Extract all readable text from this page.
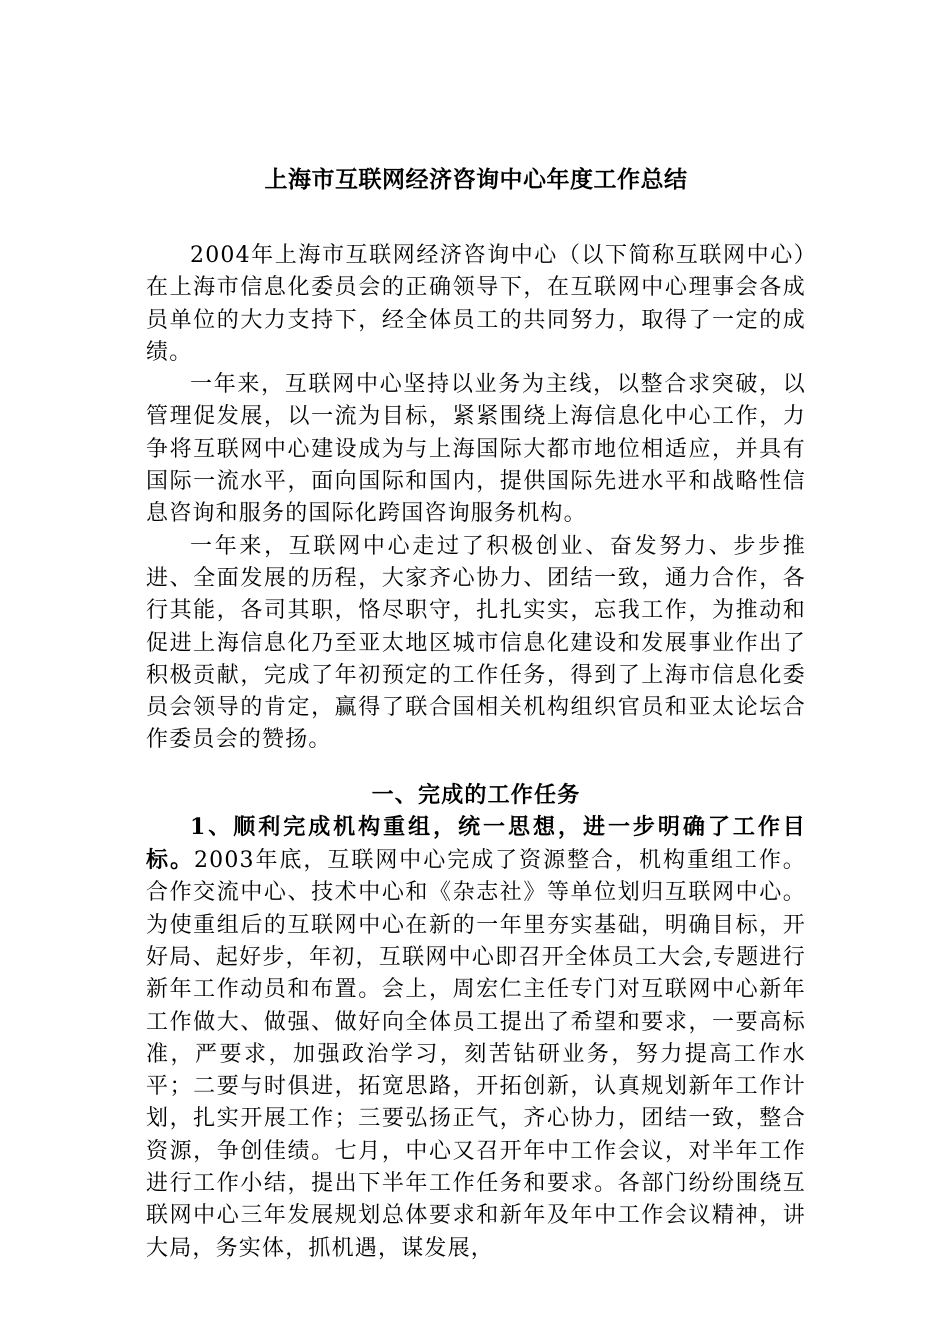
上海市互联网经济咨询中心年度工作总结

2004年上海市互联网经济咨询中心（以下简称互联网中心）在上海市信息化委员会的正确领导下，在互联网中心理事会各成员单位的大力支持下，经全体员工的共同努力，取得了一定的成绩。

一年来，互联网中心坚持以业务为主线，以整合求突破，以管理促发展，以一流为目标，紧紧围绕上海信息化中心工作，力争将互联网中心建设成为与上海国际大都市地位相适应，并具有国际一流水平，面向国际和国内，提供国际先进水平和战略性信息咨询和服务的国际化跨国咨询服务机构。

一年来，互联网中心走过了积极创业、奋发努力、步步推进、全面发展的历程，大家齐心协力、团结一致，通力合作，各行其能，各司其职，恪尽职守，扎扎实实，忘我工作，为推动和促进上海信息化乃至亚太地区城市信息化建设和发展事业作出了积极贡献，完成了年初预定的工作任务，得到了上海市信息化委员会领导的肯定，赢得了联合国相关机构组织官员和亚太论坛合作委员会的赞扬。

一、完成的工作任务

1、顺利完成机构重组，统一思想，进一步明确了工作目标。2003年底，互联网中心完成了资源整合，机构重组工作。合作交流中心、技术中心和《杂志社》等单位划归互联网中心。为使重组后的互联网中心在新的一年里夯实基础，明确目标，开好局、起好步，年初，互联网中心即召开全体员工大会,专题进行新年工作动员和布置。会上，周宏仁主任专门对互联网中心新年工作做大、做强、做好向全体员工提出了希望和要求，一要高标准，严要求，加强政治学习，刻苦钻研业务，努力提高工作水平；二要与时俱进，拓宽思路，开拓创新，认真规划新年工作计划，扎实开展工作；三要弘扬正气，齐心协力，团结一致，整合资源，争创佳绩。七月，中心又召开年中工作会议，对半年工作进行工作小结，提出下半年工作任务和要求。各部门纷纷围绕互联网中心三年发展规划总体要求和新年及年中工作会议精神，讲大局，务实体，抓机遇，谋发展，
